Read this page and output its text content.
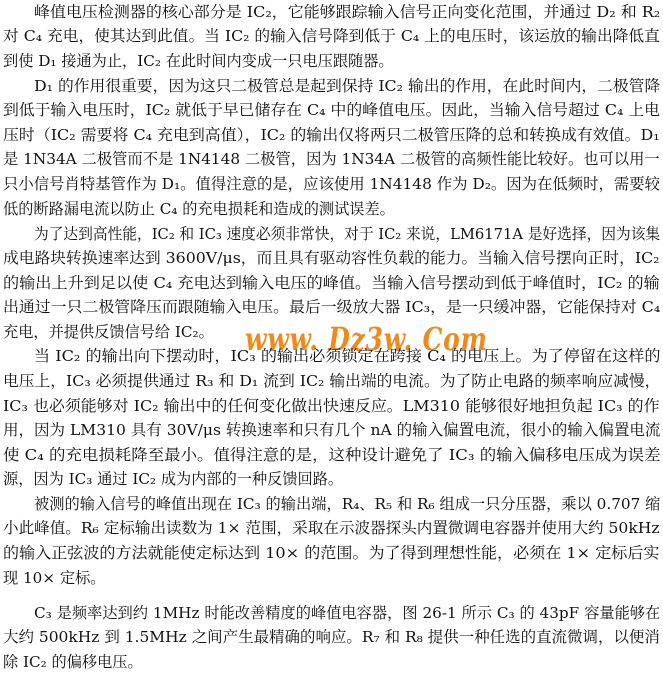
峰值电压检测器的核心部分是 IC₂，它能够跟踪输入信号正向变化范围，并通过 D₂ 和 R₂
对 C₄ 充电，使其达到此值。当 IC₂ 的输入信号降到低于 C₄ 上的电压时，该运放的输出降低直
到使 D₁ 接通为止，IC₂ 在此时间内变成一只电压跟随器。
D₁ 的作用很重要，因为这只二极管总是起到保持 IC₂ 输出的作用，在此时间内，二极管降
到低于输入电压时，IC₂ 就低于早已储存在 C₄ 中的峰值电压。因此，当输入信号超过 C₄ 上电
压时（IC₂ 需要将 C₄ 充电到高值），IC₂ 的输出仅将两只二极管压降的总和转换成有效值。D₁
是 1N34A 二极管而不是 1N4148 二极管，因为 1N34A 二极管的高频性能比较好。也可以用一
只小信号肖特基管作为 D₁。值得注意的是，应该使用 1N4148 作为 D₂。因为在低频时，需要较
低的断路漏电流以防止 C₄ 的充电损耗和造成的测试误差。
为了达到高性能，IC₂ 和 IC₃ 速度必须非常快，对于 IC₂ 来说，LM6171A 是好选择，因为该集
成电路块转换速率达到 3600V/μs，而且具有驱动容性负载的能力。当输入信号摆向正时，IC₂
的输出上升到足以使 C₄ 充电达到输入电压的峰值。当输入信号摆动到低于峰值时，IC₂ 的输
出通过一只二极管降压而跟随输入电压。最后一级放大器 IC₃，是一只缓冲器，它能保持对 C₄
充电，并提供反馈信号给 IC₂。 www. Dz3w. Com
当 IC₂ 的输出向下摆动时，IC₃ 的输出必须锁定在跨接 C₄ 的电压上。为了停留在这样的
电压上，IC₃ 必须提供通过 R₃ 和 D₁ 流到 IC₂ 输出端的电流。为了防止电路的频率响应减慢，
IC₃ 也必须能够对 IC₂ 输出中的任何变化做出快速反应。LM310 能够很好地担负起 IC₃ 的作
用，因为 LM310 具有 30V/μs 转换速率和只有几个 nA 的输入偏置电流，很小的输入偏置电流
使 C₄ 的充电损耗降至最小。值得注意的是，这种设计避免了 IC₃ 的输入偏移电压成为误差
源，因为 IC₃ 通过 IC₂ 成为内部的一种反馈回路。
被测的输入信号的峰值出现在 IC₃ 的输出端，R₄、R₅ 和 R₆ 组成一只分压器，乘以 0.707 缩
小此峰值。R₆ 定标输出读数为 1× 范围，采取在示波器探头内置微调电容器并使用大约 50kHz
的输入正弦波的方法就能使定标达到 10× 的范围。为了得到理想性能，必须在 1× 定标后实
现 10× 定标。
C₃ 是频率达到约 1MHz 时能改善精度的峰值电容器，图 26-1 所示 C₃ 的 43pF 容量能够在
大约 500kHz 到 1.5MHz 之间产生最精确的响应。R₇ 和 R₈ 提供一种任选的直流微调，以便消
除 IC₂ 的偏移电压。
